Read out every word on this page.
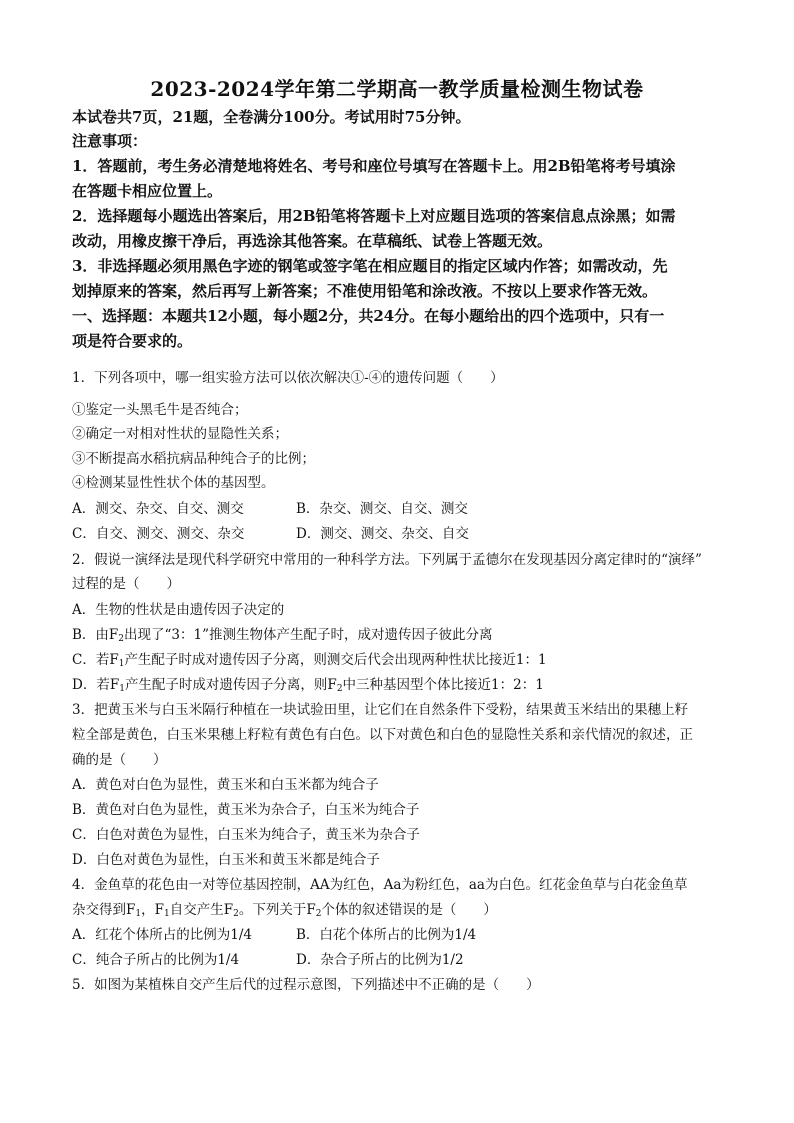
2023-2024学年第二学期高一教学质量检测生物试卷
本试卷共7页，21题，全卷满分100分。考试用时75分钟。
注意事项：
1．答题前，考生务必清楚地将姓名、考号和座位号填写在答题卡上。用2B铅笔将考号填涂
在答题卡相应位置上。
2．选择题每小题选出答案后，用2B铅笔将答题卡上对应题目选项的答案信息点涂黑；如需
改动，用橡皮擦干净后，再选涂其他答案。在草稿纸、试卷上答题无效。
3．非选择题必须用黑色字迹的钢笔或签字笔在相应题目的指定区域内作答；如需改动，先
划掉原来的答案，然后再写上新答案；不准使用铅笔和涂改液。不按以上要求作答无效。
一、选择题：本题共12小题，每小题2分，共24分。在每小题给出的四个选项中，只有一
项是符合要求的。
1．下列各项中，哪一组实验方法可以依次解决①-④的遗传问题（　　）
①鉴定一头黑毛牛是否纯合；
②确定一对相对性状的显隐性关系；
③不断提高水稻抗病品种纯合子的比例；
④检测某显性性状个体的基因型。
A．测交、杂交、自交、测交	B．杂交、测交、自交、测交
C．自交、测交、测交、杂交	D．测交、测交、杂交、自交
2．假说一演绎法是现代科学研究中常用的一种科学方法。下列属于孟德尔在发现基因分离定律时的“演绎”
过程的是（　　）
A．生物的性状是由遗传因子决定的
B．由$F_2$出现了“3：1”推测生物体产生配子时，成对遗传因子彼此分离
C．若$F_1$产生配子时成对遗传因子分离，则测交后代会出现两种性状比接近1：1
D．若$F_1$产生配子时成对遗传因子分离，则$F_2$中三种基因型个体比接近1：2：1
3．把黄玉米与白玉米隔行种植在一块试验田里，让它们在自然条件下受粉，结果黄玉米结出的果穗上籽
粒全部是黄色，白玉米果穗上籽粒有黄色有白色。以下对黄色和白色的显隐性关系和亲代情况的叙述，正
确的是（　　）
A．黄色对白色为显性，黄玉米和白玉米都为纯合子
B．黄色对白色为显性，黄玉米为杂合子，白玉米为纯合子
C．白色对黄色为显性，白玉米为纯合子，黄玉米为杂合子
D．白色对黄色为显性，白玉米和黄玉米都是纯合子
4．金鱼草的花色由一对等位基因控制，AA为红色，Aa为粉红色，aa为白色。红花金鱼草与白花金鱼草
杂交得到$F_1$，$F_1$自交产生$F_2$。下列关于$F_2$个体的叙述错误的是（　　）
A．红花个体所占的比例为1/4	B．白花个体所占的比例为1/4
C．纯合子所占的比例为1/4	D．杂合子所占的比例为1/2
5．如图为某植株自交产生后代的过程示意图，下列描述中不正确的是（　　）
